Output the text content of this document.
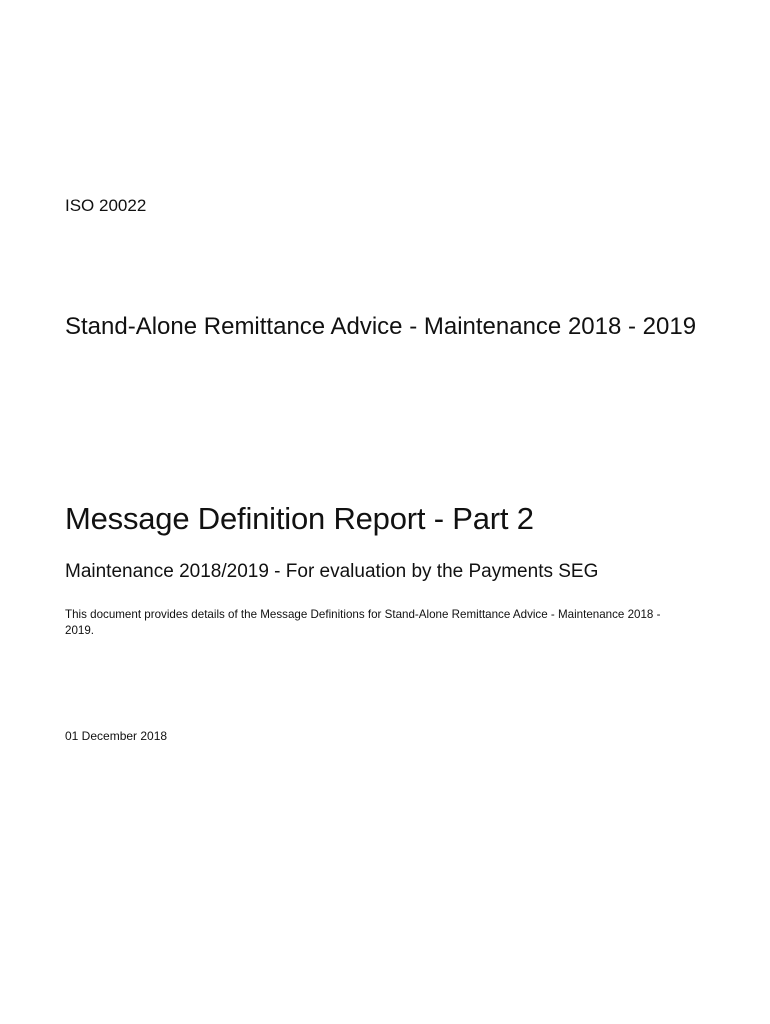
ISO 20022

Stand-Alone Remittance Advice - Maintenance 2018 - 2019
Message Definition Report - Part 2

Maintenance 2018/2019 - For evaluation by the Payments SEG

This document provides details of the Message Definitions for Stand-Alone Remittance Advice - Maintenance 2018 - 2019.

01 December 2018
